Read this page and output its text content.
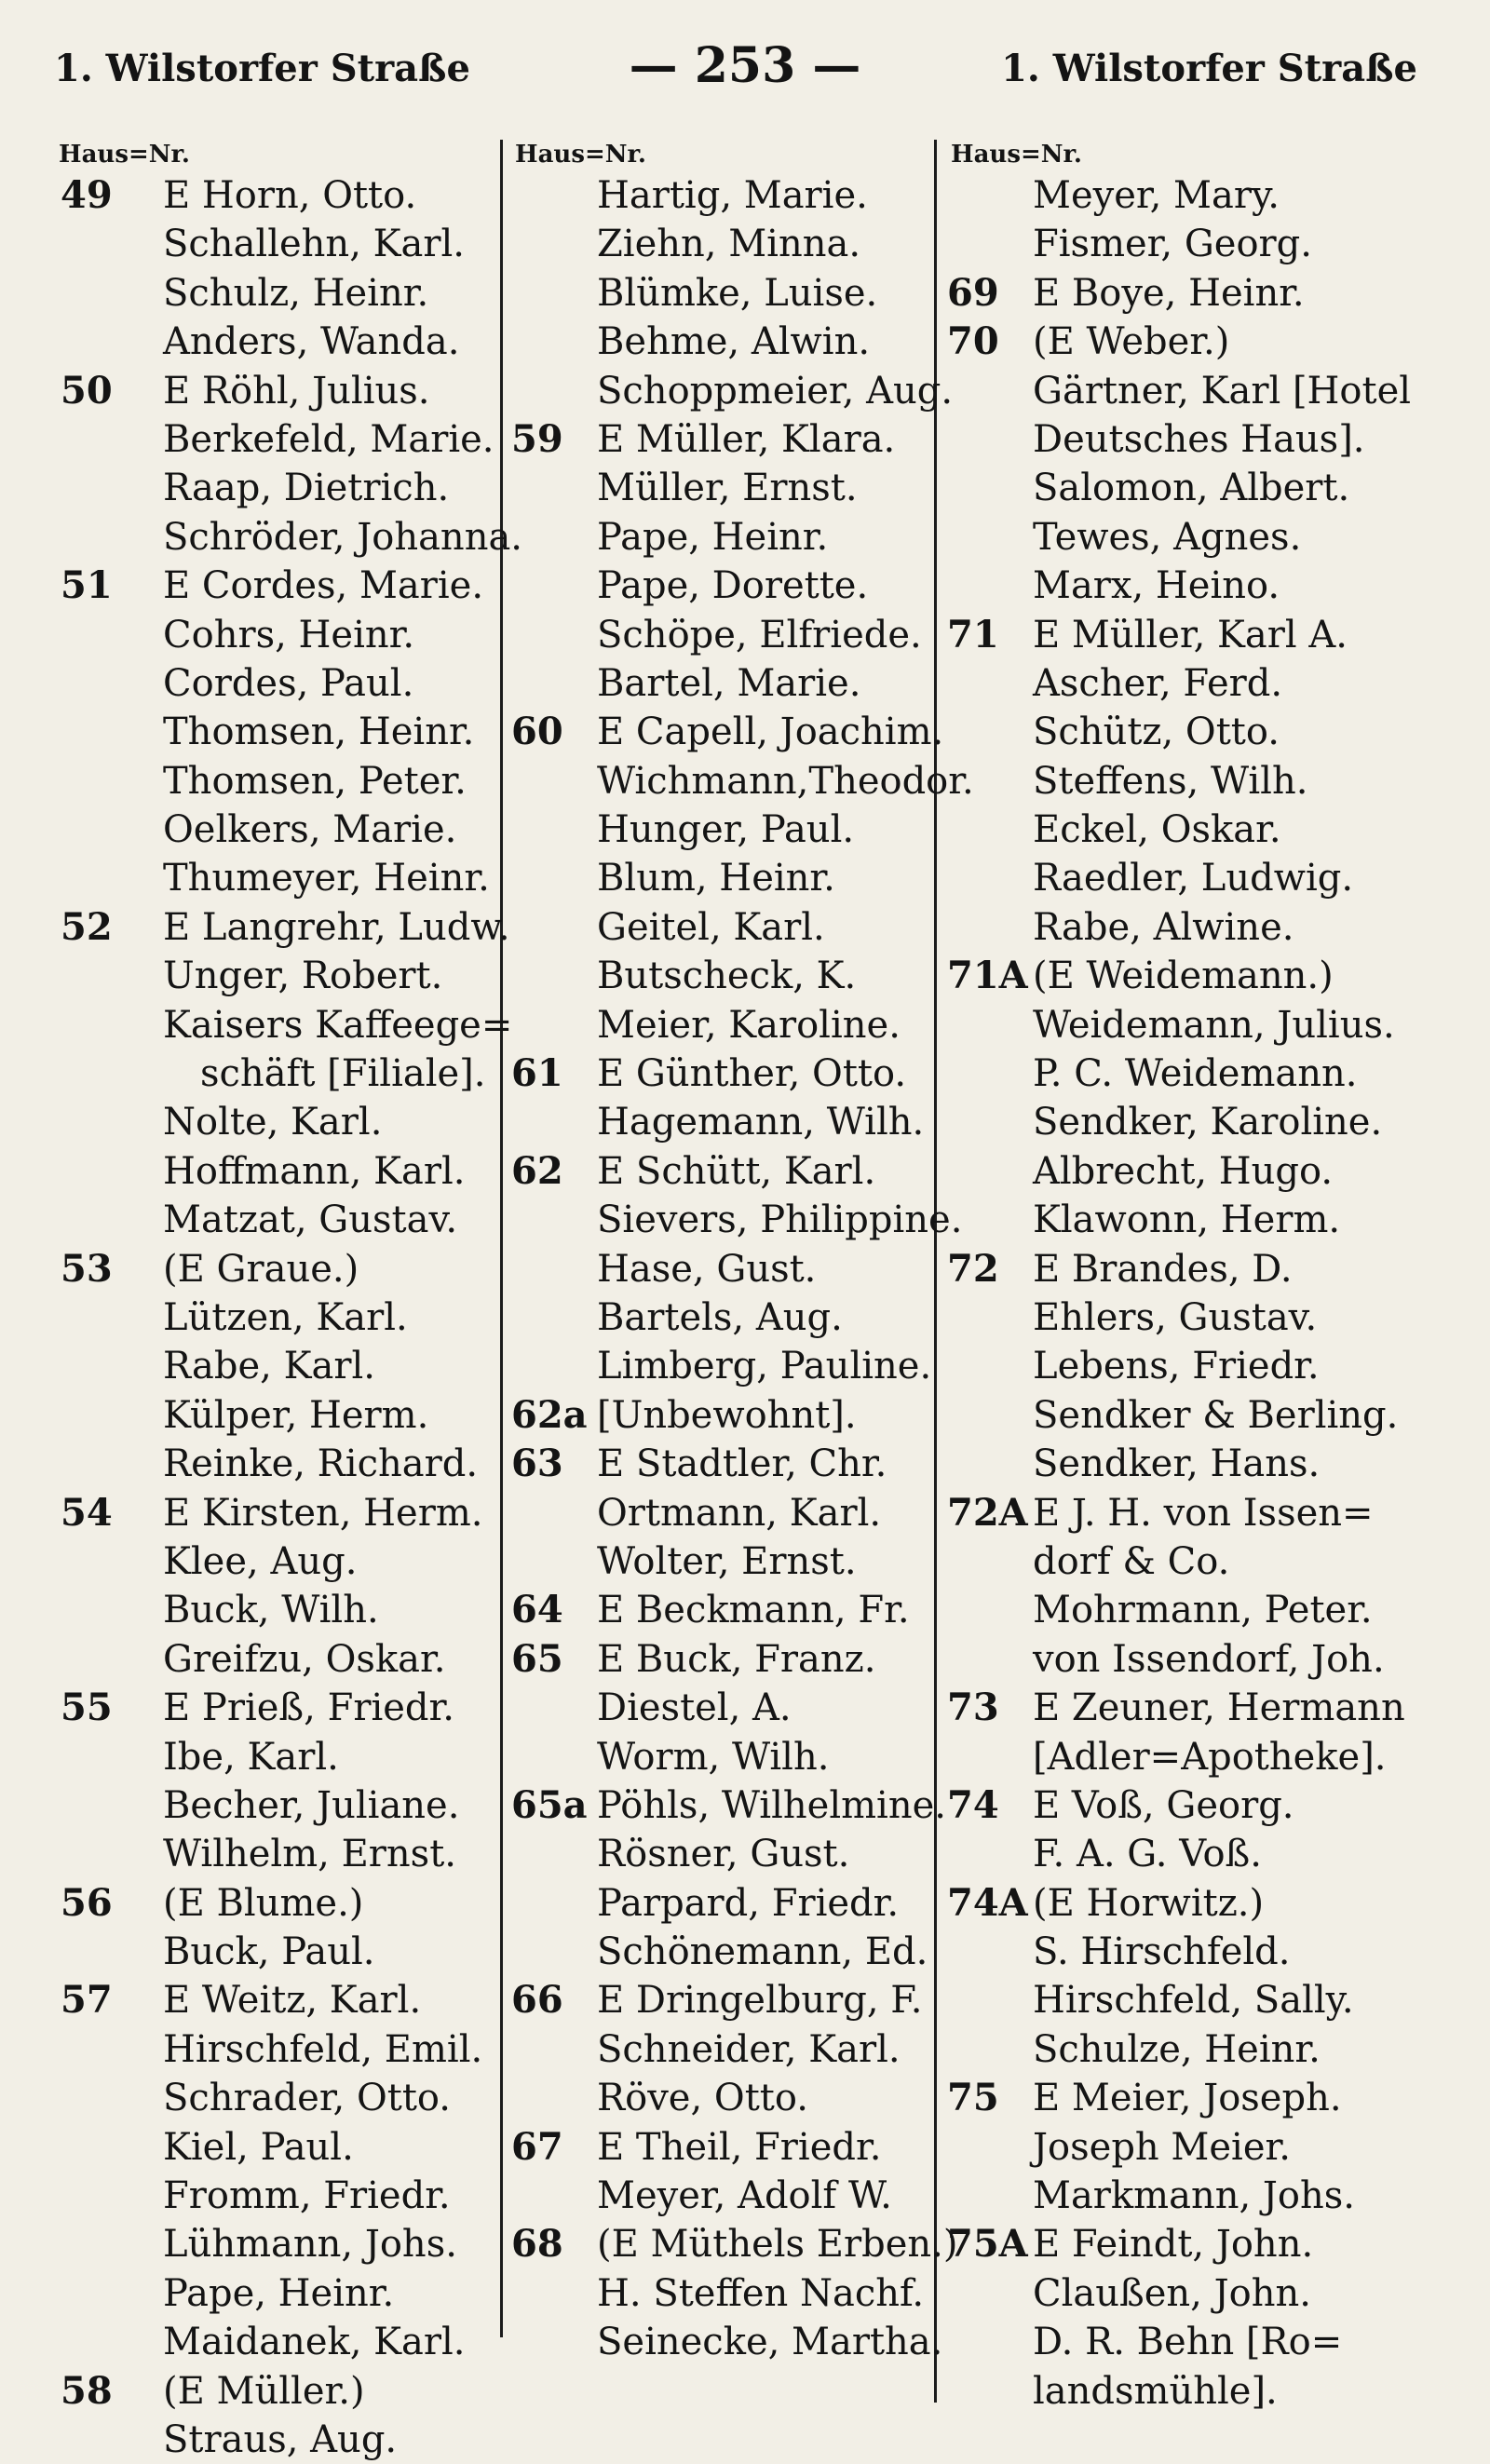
1. Wilstorfer Straße	— 253 —	1. Wilstorfer Straße
Haus=Nr.
49	E Horn, Otto.
Schallehn, Karl.
Schulz, Heinr.
Anders, Wanda.
50	E Röhl, Julius.
Berkefeld, Marie.
Raap, Dietrich.
Schröder, Johanna.
51	E Cordes, Marie.
Cohrs, Heinr.
Cordes, Paul.
Thomsen, Heinr.
Thomsen, Peter.
Oelkers, Marie.
Thumeyer, Heinr.
52	E Langrehr, Ludw.
Unger, Robert.
Kaisers Kaffeege=
schäft [Filiale].
Nolte, Karl.
Hoffmann, Karl.
Matzat, Gustav.
53	(E Graue.)
Lützen, Karl.
Rabe, Karl.
Külper, Herm.
Reinke, Richard.
54	E Kirsten, Herm.
Klee, Aug.
Buck, Wilh.
Greifzu, Oskar.
55	E Prieß, Friedr.
Ibe, Karl.
Becher, Juliane.
Wilhelm, Ernst.
56	(E Blume.)
Buck, Paul.
57	E Weitz, Karl.
Hirschfeld, Emil.
Schrader, Otto.
Kiel, Paul.
Fromm, Friedr.
Lühmann, Johs.
Pape, Heinr.
Maidanek, Karl.
58	(E Müller.)
Straus, Aug.
Haus=Nr.
Hartig, Marie.
Ziehn, Minna.
Blümke, Luise.
Behme, Alwin.
Schoppmeier, Aug.
59 E Müller, Klara.
Müller, Ernst.
Pape, Heinr.
Pape, Dorette.
Schöpe, Elfriede.
Bartel, Marie.
60 E Capell, Joachim.
Wichmann,Theodor.
Hunger, Paul.
Blum, Heinr.
Geitel, Karl.
Butscheck, K.
Meier, Karoline.
61 E Günther, Otto.
Hagemann, Wilh.
62 E Schütt, Karl.
Sievers, Philippine.
Hase, Gust.
Bartels, Aug.
Limberg, Pauline.
62a [Unbewohnt].
63 E Stadtler, Chr.
Ortmann, Karl.
Wolter, Ernst.
64 E Beckmann, Fr.
65 E Buck, Franz.
Diestel, A.
Worm, Wilh.
65a Pöhls, Wilhelmine.
Rösner, Gust.
Parpard, Friedr.
Schönemann, Ed.
66 E Dringelburg, F.
Schneider, Karl.
Röve, Otto.
67 E Theil, Friedr.
Meyer, Adolf W.
68 (E Müthels Erben.)
H. Steffen Nachf.
Seinecke, Martha.
Haus=Nr.
Meyer, Mary.
Fismer, Georg.
69 E Boye, Heinr.
70 (E Weber.)
Gärtner, Karl [Hotel
Deutsches Haus].
Salomon, Albert.
Tewes, Agnes.
Marx, Heino.
71 E Müller, Karl A.
Ascher, Ferd.
Schütz, Otto.
Steffens, Wilh.
Eckel, Oskar.
Raedler, Ludwig.
Rabe, Alwine.
71A (E Weidemann.)
Weidemann, Julius.
P. C. Weidemann.
Sendker, Karoline.
Albrecht, Hugo.
Klawonn, Herm.
72 E Brandes, D.
Ehlers, Gustav.
Lebens, Friedr.
Sendker & Berling.
Sendker, Hans.
72A E J. H. von Issen=
dorf & Co.
Mohrmann, Peter.
von Issendorf, Joh.
73 E Zeuner, Hermann
[Adler=Apotheke].
74 E Voß, Georg.
F. A. G. Voß.
74A (E Horwitz.)
S. Hirschfeld.
Hirschfeld, Sally.
Schulze, Heinr.
75 E Meier, Joseph.
Joseph Meier.
Markmann, Johs.
75A E Feindt, John.
Claußen, John.
D. R. Behn [Ro=
landsmühle].
